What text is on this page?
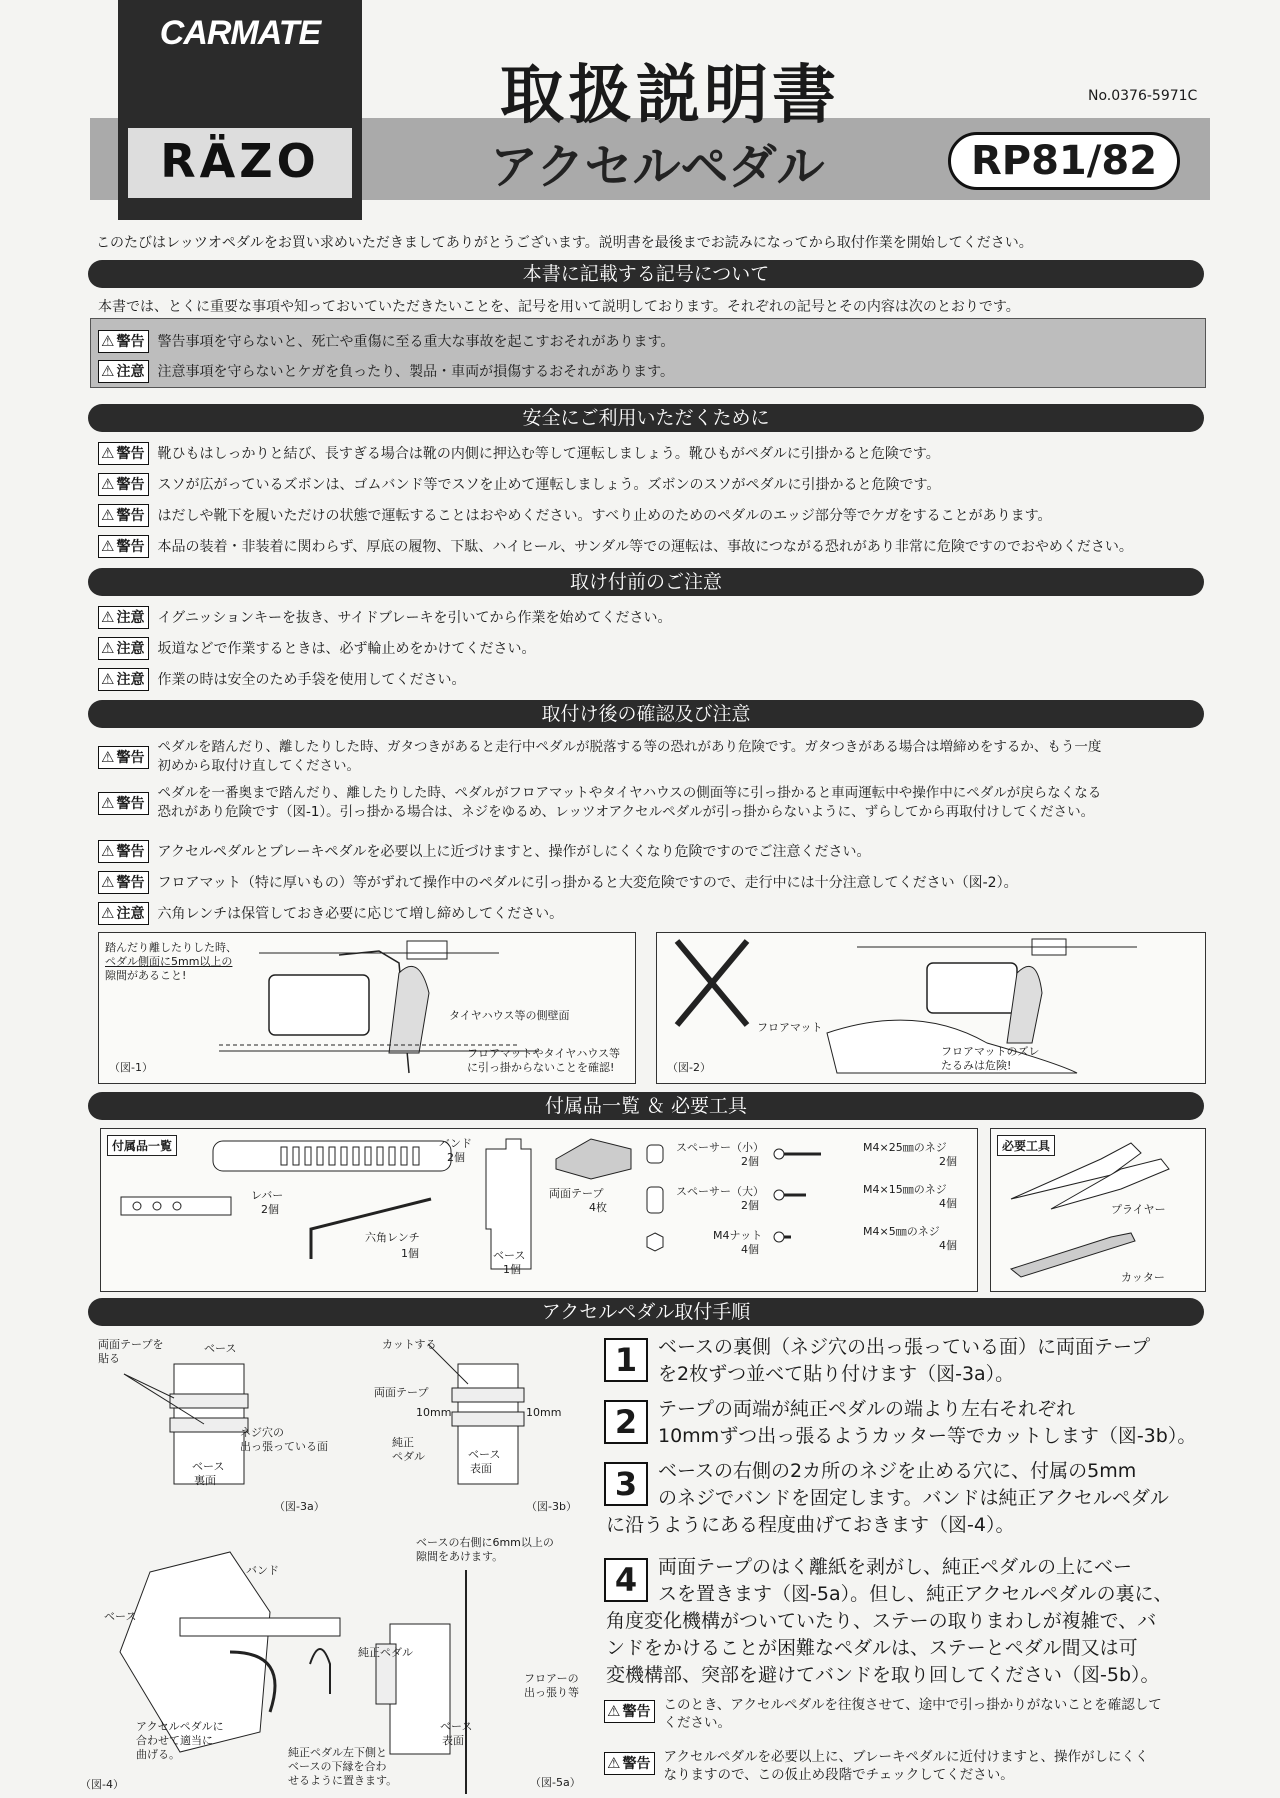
CARMATE
RÄZO
取扱説明書	No.0376-5971C
アクセルペダル	RP81/82
このたびはレッツオペダルをお買い求めいただきましてありがとうございます。説明書を最後までお読みになってから取付作業を開始してください。
本書に記載する記号について
本書では、とくに重要な事項や知っておいていただきたいことを、記号を用いて説明しております。それぞれの記号とその内容は次のとおりです。
⚠ 警告 警告事項を守らないと、死亡や重傷に至る重大な事故を起こすおそれがあります。
⚠ 注意 注意事項を守らないとケガを負ったり、製品・車両が損傷するおそれがあります。
安全にご利用いただくために
⚠ 警告 靴ひもはしっかりと結び、長すぎる場合は靴の内側に押込む等して運転しましょう。靴ひもがペダルに引掛かると危険です。
⚠ 警告 スソが広がっているズボンは、ゴムバンド等でスソを止めて運転しましょう。ズボンのスソがペダルに引掛かると危険です。
⚠ 警告 はだしや靴下を履いただけの状態で運転することはおやめください。すべり止めのためのペダルのエッジ部分等でケガをすることがあります。
⚠ 警告 本品の装着・非装着に関わらず、厚底の履物、下駄、ハイヒール、サンダル等での運転は、事故につながる恐れがあり非常に危険ですのでおやめください。
取け付前のご注意
⚠ 注意 イグニッションキーを抜き、サイドブレーキを引いてから作業を始めてください。
⚠ 注意 坂道などで作業するときは、必ず輪止めをかけてください。
⚠ 注意 作業の時は安全のため手袋を使用してください。
取付け後の確認及び注意
⚠ 警告ペダルを踏んだり、離したりした時、ガタつきがあると走行中ペダルが脱落する等の恐れがあり危険です。ガタつきがある場合は増締めをするか、もう一度
初めから取付け直してください。
⚠ 警告ペダルを一番奥まで踏んだり、離したりした時、ペダルがフロアマットやタイヤハウスの側面等に引っ掛かると車両運転中や操作中にペダルが戻らなくなる
恐れがあり危険です（図-1）。引っ掛かる場合は、ネジをゆるめ、レッツオアクセルペダルが引っ掛からないように、ずらしてから再取付けしてください。
⚠ 警告 アクセルペダルとブレーキペダルを必要以上に近づけますと、操作がしにくくなり危険ですのでご注意ください。
⚠ 警告 フロアマット（特に厚いもの）等がずれて操作中のペダルに引っ掛かると大変危険ですので、走行中には十分注意してください（図-2）。
⚠ 注意 六角レンチは保管しておき必要に応じて増し締めしてください。
踏んだり離したりした時、
ペダル側面に5mm以上の
隙間があること!
タイヤハウス等の側壁面
フロアマットやタイヤハウス等
に引っ掛からないことを確認!
（図-1）
フロアマット
フロアマットのズレ
たるみは危険!
（図-2）
付属品一覧 ＆ 必要工具
付属品一覧	バンド
2個
レバー
2個
六角レンチ
1個	ベース
1個
両面テープ
4枚
スペーサー（小）
2個
スペーサー（大）
2個
M4ナット
4個
M4×25㎜のネジ
2個
M4×15㎜のネジ
4個
M4×5㎜のネジ
4個
必要工具
プライヤー
カッター
アクセルペダル取付手順
両面テープを
貼る
ベース
ネジ穴の
出っ張っている面
ベース
裏面
（図-3a）
カットする
両面テープ
10mm	10mm
純正
ペダル	ベース
表面
（図-3b）
バンド
ベース
アクセルペダルに
合わせて適当に
曲げる。
（図-4）
ベースの右側に6mm以上の
隙間をあけます。
純正ペダル
フロアーの
出っ張り等
ベース
表面
純正ペダル左下側と
ベースの下縁を合わ
せるように置きます。	（図-5a）
1	ベースの裏側（ネジ穴の出っ張っている面）に両面テープ
を2枚ずつ並べて貼り付けます（図-3a）。
2	テープの両端が純正ペダルの端より左右それぞれ
10mmずつ出っ張るようカッター等でカットします（図-3b）。
3	ベースの右側の2カ所のネジを止める穴に、付属の5mm
のネジでバンドを固定します。バンドは純正アクセルペダル
に沿うようにある程度曲げておきます（図-4）。
4	両面テープのはく離紙を剥がし、純正ペダルの上にベー
スを置きます（図-5a）。但し、純正アクセルペダルの裏に、
角度変化機構がついていたり、ステーの取りまわしが複雑で、バ
ンドをかけることが困難なペダルは、ステーとペダル間又は可
変機構部、突部を避けてバンドを取り回してください（図-5b）。
⚠ 警告 このとき、アクセルペダルを往復させて、途中で引っ掛かりがないことを確認して
ください。
⚠ 警告 アクセルペダルを必要以上に、ブレーキペダルに近付けますと、操作がしにくく
なりますので、この仮止め段階でチェックしてください。
